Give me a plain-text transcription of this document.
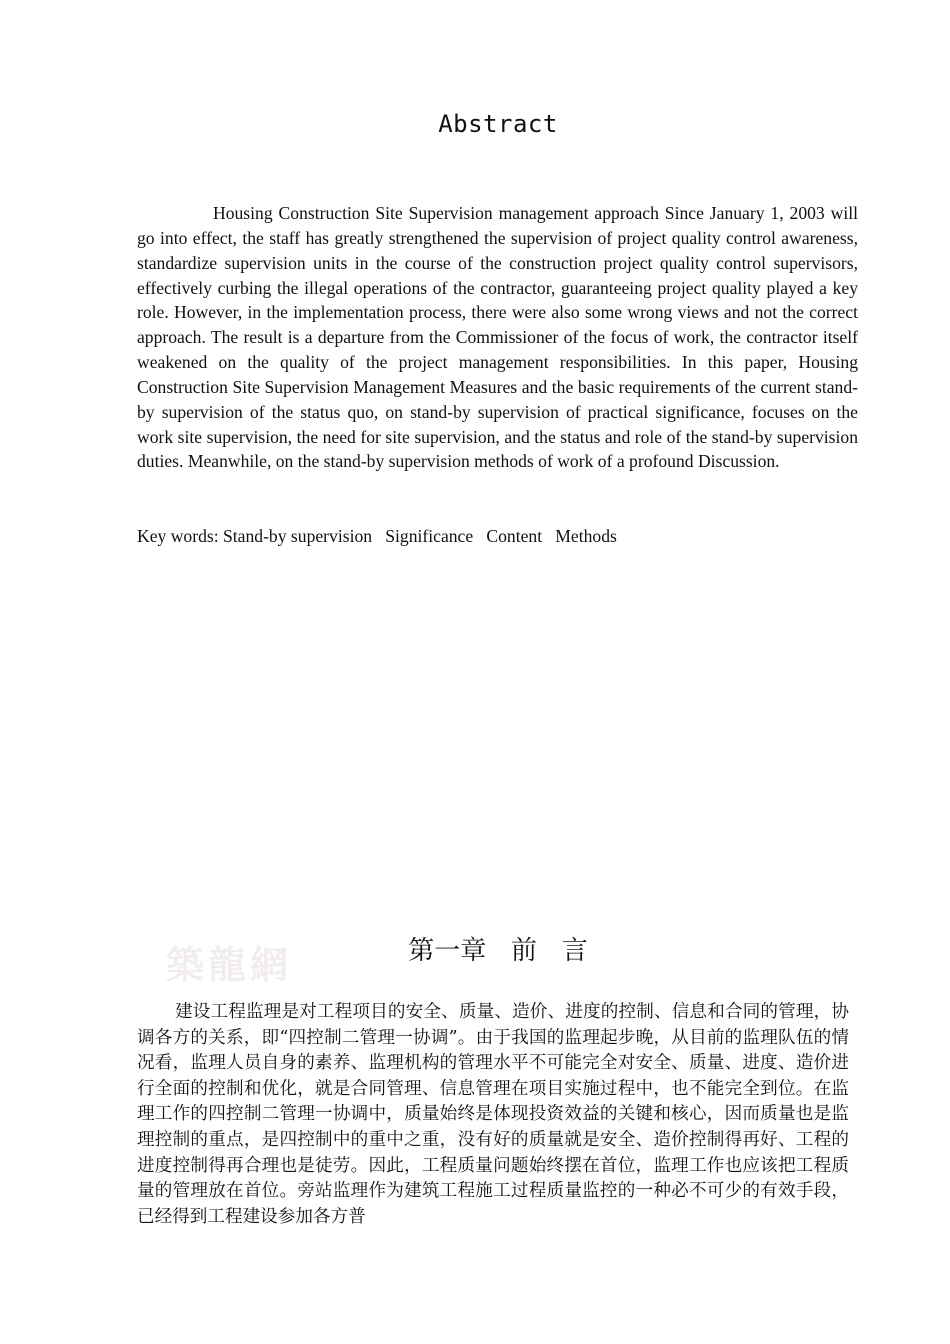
Abstract

Housing Construction Site Supervision management approach Since January 1, 2003 will go into effect, the staff has greatly strengthened the supervision of project quality control awareness, standardize supervision units in the course of the construction project quality control supervisors, effectively curbing the illegal operations of the contractor, guaranteeing project quality played a key role. However, in the implementation process, there were also some wrong views and not the correct approach. The result is a departure from the Commissioner of the focus of work, the contractor itself weakened on the quality of the project management responsibilities. In this paper, Housing Construction Site Supervision Management Measures and the basic requirements of the current stand-by supervision of the status quo, on stand-by supervision of practical significance, focuses on the work site supervision, the need for site supervision, and the status and role of the stand-by supervision duties. Meanwhile, on the stand-by supervision methods of work of a profound Discussion.

Key words: Stand-by supervision   Significance   Content   Methods

築龍網	第一章   前   言

建设工程监理是对工程项目的安全、质量、造价、进度的控制、信息和合同的管理，协调各方的关系，即“四控制二管理一协调”。由于我国的监理起步晚，从目前的监理队伍的情况看，监理人员自身的素养、监理机构的管理水平不可能完全对安全、质量、进度、造价进行全面的控制和优化，就是合同管理、信息管理在项目实施过程中，也不能完全到位。在监理工作的四控制二管理一协调中，质量始终是体现投资效益的关键和核心，因而质量也是监理控制的重点，是四控制中的重中之重，没有好的质量就是安全、造价控制得再好、工程的进度控制得再合理也是徒劳。因此，工程质量问题始终摆在首位，监理工作也应该把工程质量的管理放在首位。旁站监理作为建筑工程施工过程质量监控的一种必不可少的有效手段，已经得到工程建设参加各方普
